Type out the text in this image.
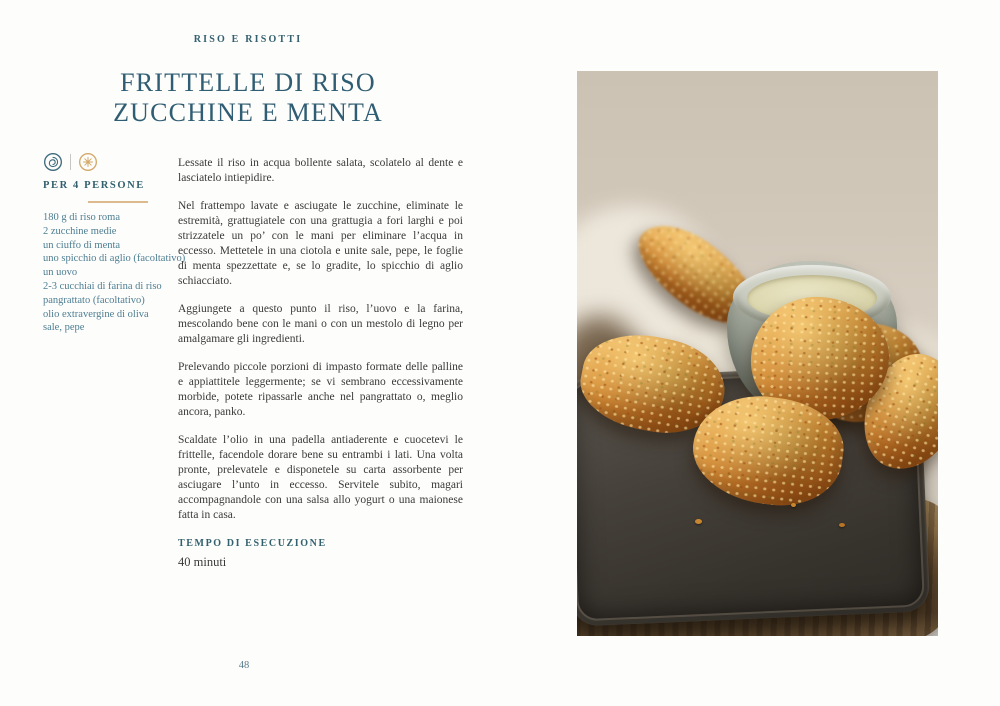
RISO E RISOTTI
FRITTELLE DI RISO
ZUCCHINE E MENTA
PER 4 PERSONE
180 g di riso roma
2 zucchine medie
un ciuffo di menta
uno spicchio di aglio (facoltativo)
un uovo
2-3 cucchiai di farina di riso
pangrattato (facoltativo)
olio extravergine di oliva
sale, pepe

Lessate il riso in acqua bollente salata, scolatelo al dente e lasciatelo intiepidire.

Nel frattempo lavate e asciugate le zucchine, eliminate le estremità, grattugiatele con una grattugia a fori larghi e poi strizzatele un po’ con le mani per eliminare l’acqua in eccesso. Mettetele in una ciotola e unite sale, pepe, le foglie di menta spezzettate e, se lo gradite, lo spicchio di aglio schiacciato.

Aggiungete a questo punto il riso, l’uovo e la farina, mescolando bene con le mani o con un mestolo di legno per amalgamare gli ingredienti.

Prelevando piccole porzioni di impasto formate delle palline e appiattitele leggermente; se vi sembrano eccessivamente morbide, potete ripassarle anche nel pangrattato o, meglio ancora, panko.

Scaldate l’olio in una padella antiaderente e cuocetevi le frittelle, facendole dorare bene su entrambi i lati. Una volta pronte, prelevatele e disponetele su carta assorbente per asciugare l’unto in eccesso. Servitele subito, magari accompagnandole con una salsa allo yogurt o una maionese fatta in casa.

TEMPO DI ESECUZIONE
40 minuti
48
